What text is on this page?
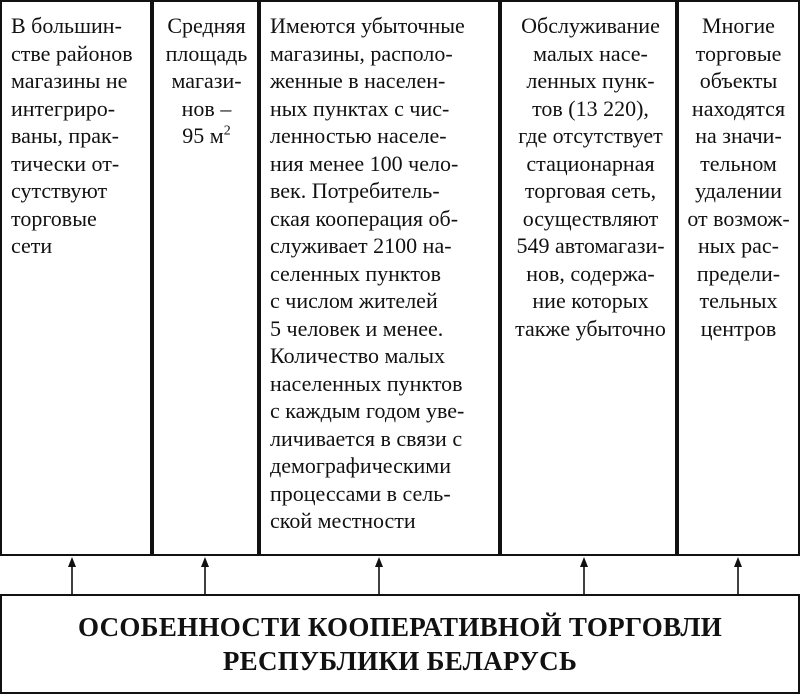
В большин-
стве районов
магазины не
интегриро-
ваны, прак-
тически от-
сутствуют
торговые
сети
Средняя
площадь
магази-
нов –
95 $м^2$
Имеются убыточные
магазины, располо-
женные в населен-
ных пунктах с чис-
ленностью населе-
ния менее 100 чело-
век. Потребитель-
ская кооперация об-
служивает 2100 на-
селенных пунктов
с числом жителей
5 человек и менее.
Количество малых
населенных пунктов
с каждым годом уве-
личивается в связи с
демографическими
процессами в сель-
ской местности
Обслуживание
малых насе-
ленных пунк-
тов (13 220),
где отсутствует
стационарная
торговая сеть,
осуществляют
549 автомагази-
нов, содержа-
ние которых
также убыточно
Многие
торговые
объекты
находятся
на значи-
тельном
удалении
от возмож-
ных рас-
предели-
тельных
центров
ОСОБЕННОСТИ КООПЕРАТИВНОЙ ТОРГОВЛИ
РЕСПУБЛИКИ БЕЛАРУСЬ
